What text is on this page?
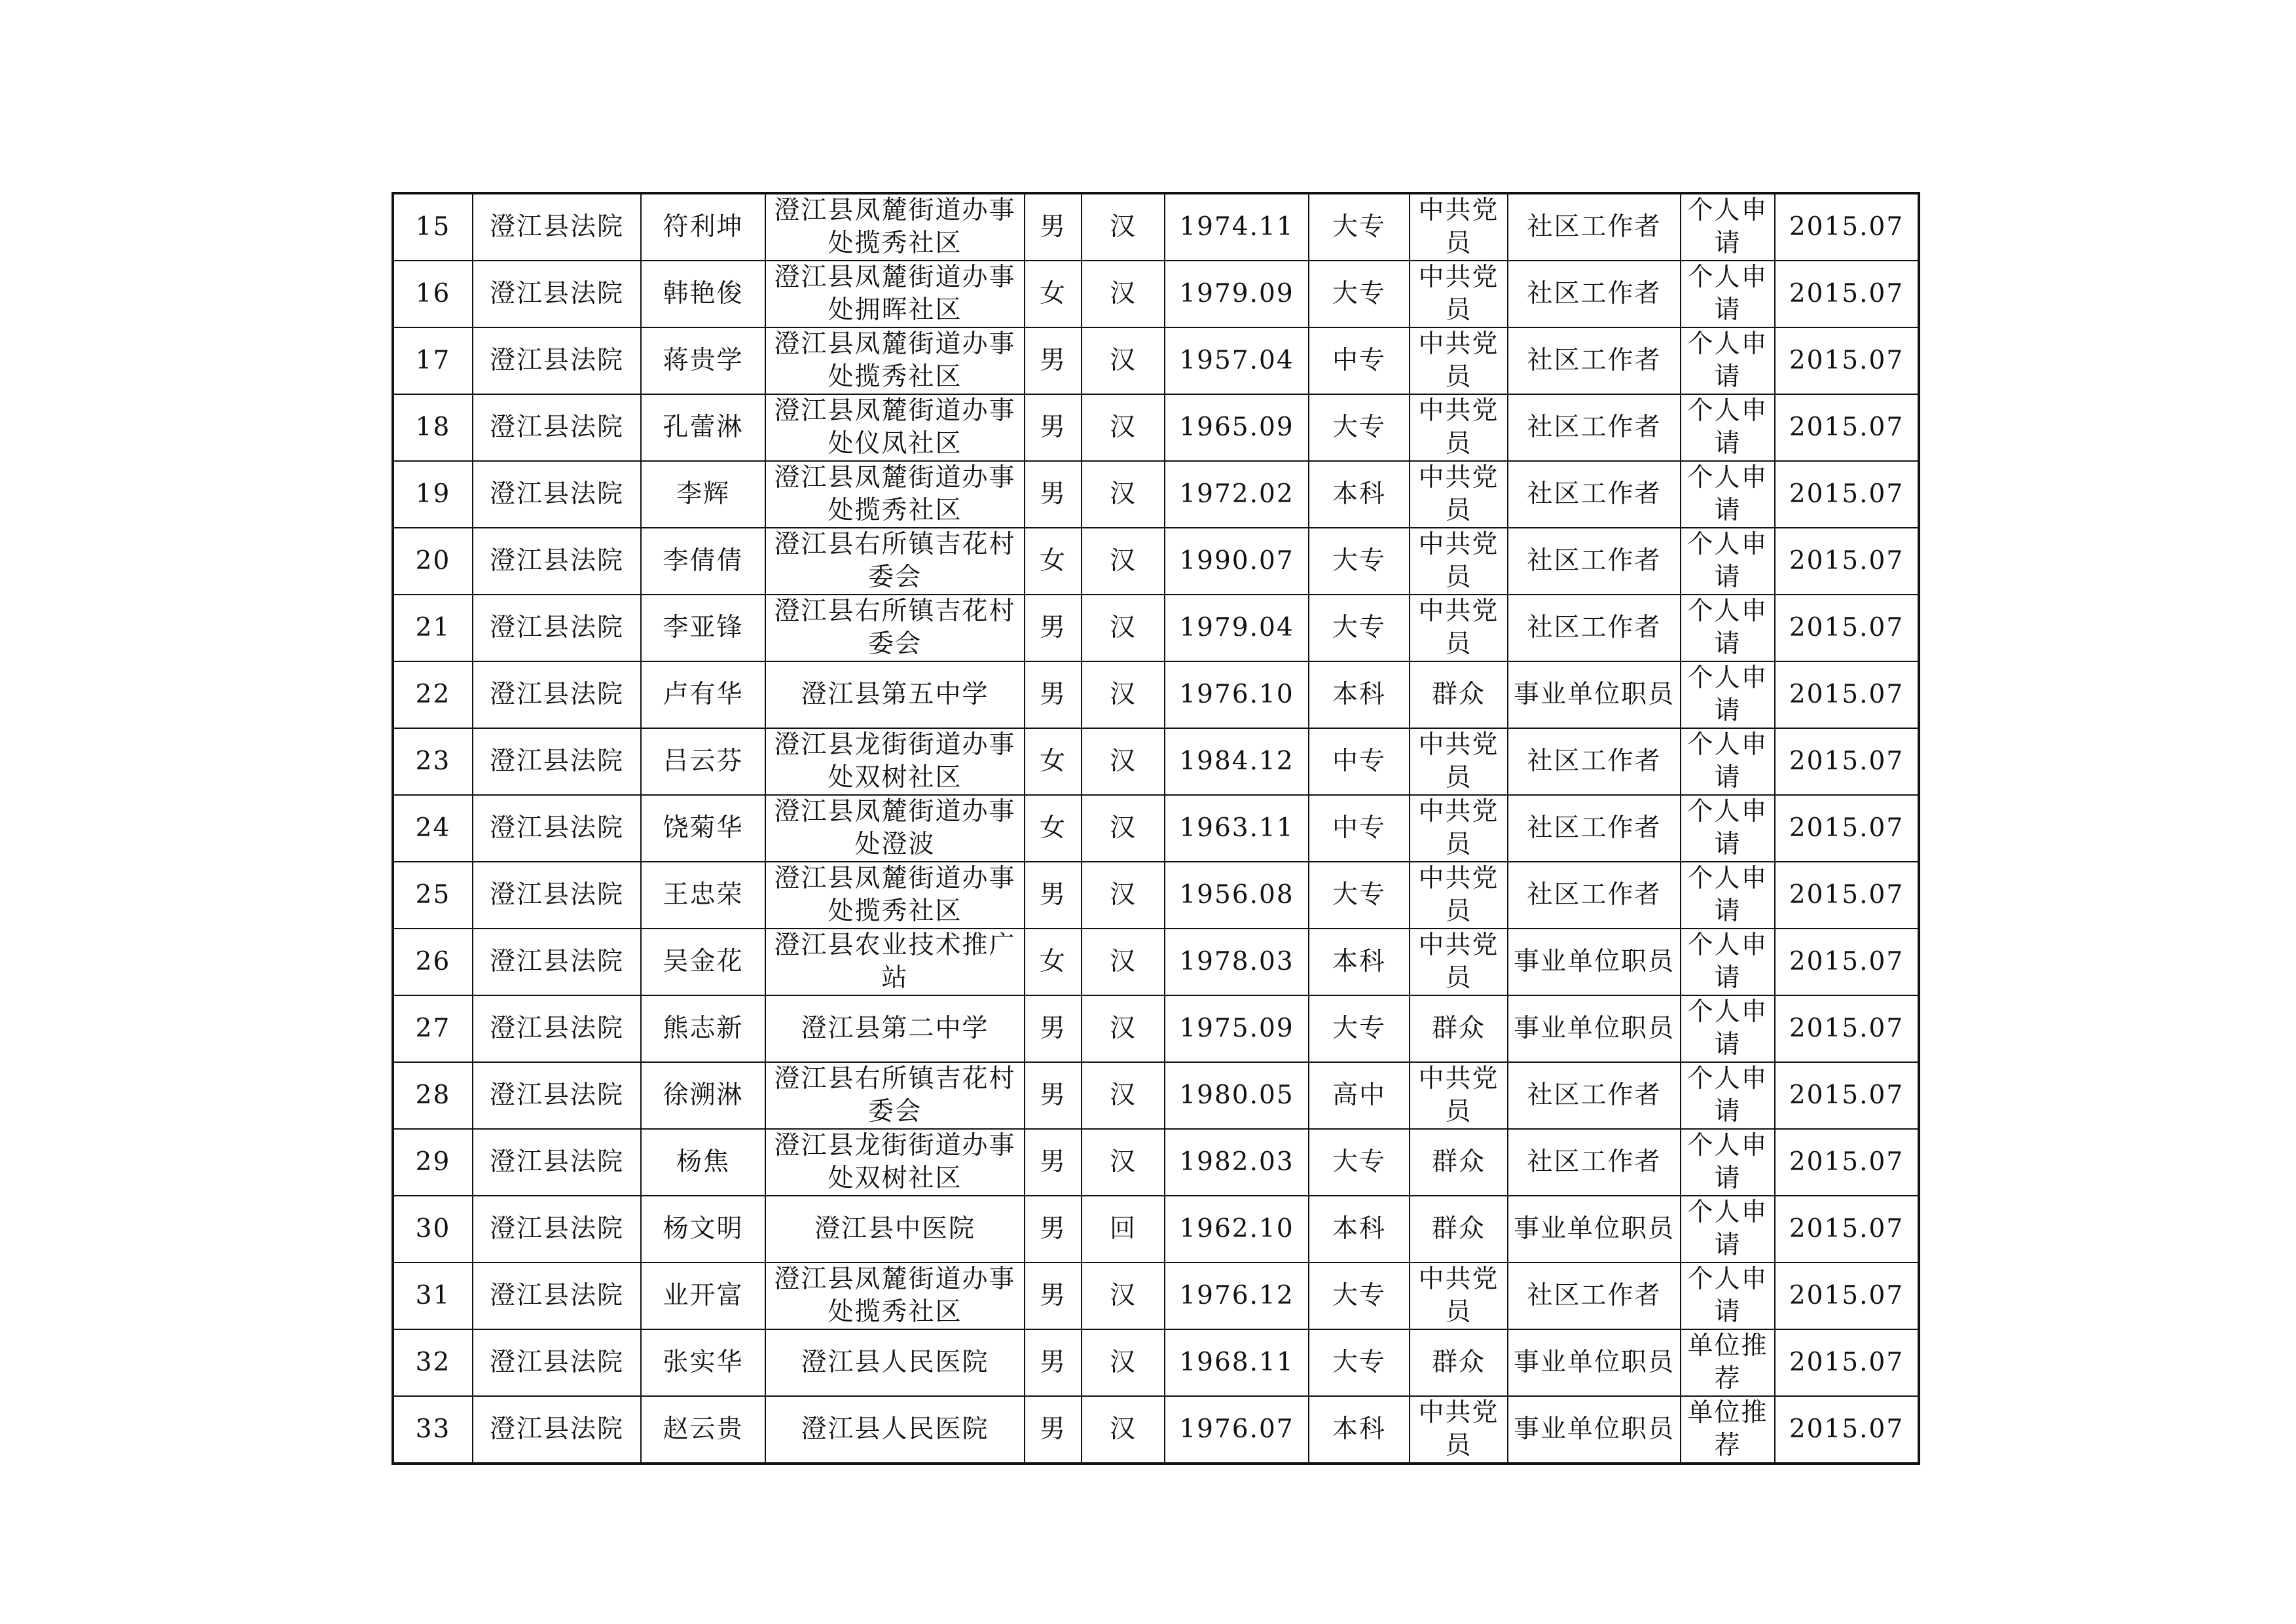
15	澄江县法院	符利坤	澄江县凤麓街道办事处揽秀社区	男	汉	1974.11	大专	中共党员	社区工作者	个人申请	2015.07

16	澄江县法院	韩艳俊	澄江县凤麓街道办事处拥晖社区	女	汉	1979.09	大专	中共党员	社区工作者	个人申请	2015.07

17	澄江县法院	蒋贵学	澄江县凤麓街道办事处揽秀社区	男	汉	1957.04	中专	中共党员	社区工作者	个人申请	2015.07

18	澄江县法院	孔蕾淋	澄江县凤麓街道办事处仪凤社区	男	汉	1965.09	大专	中共党员	社区工作者	个人申请	2015.07

19	澄江县法院	李辉	澄江县凤麓街道办事处揽秀社区	男	汉	1972.02	本科	中共党员	社区工作者	个人申请	2015.07

20	澄江县法院	李倩倩	澄江县右所镇吉花村委会	女	汉	1990.07	大专	中共党员	社区工作者	个人申请	2015.07

21	澄江县法院	李亚锋	澄江县右所镇吉花村委会	男	汉	1979.04	大专	中共党员	社区工作者	个人申请	2015.07

22	澄江县法院	卢有华	澄江县第五中学	男	汉	1976.10	本科	群众	事业单位职员	个人申请	2015.07

23	澄江县法院	吕云芬	澄江县龙街街道办事处双树社区	女	汉	1984.12	中专	中共党员	社区工作者	个人申请	2015.07

24	澄江县法院	饶菊华	澄江县凤麓街道办事处澄波	女	汉	1963.11	中专	中共党员	社区工作者	个人申请	2015.07

25	澄江县法院	王忠荣	澄江县凤麓街道办事处揽秀社区	男	汉	1956.08	大专	中共党员	社区工作者	个人申请	2015.07

26	澄江县法院	吴金花	澄江县农业技术推广站	女	汉	1978.03	本科	中共党员	事业单位职员	个人申请	2015.07

27	澄江县法院	熊志新	澄江县第二中学	男	汉	1975.09	大专	群众	事业单位职员	个人申请	2015.07

28	澄江县法院	徐溯淋	澄江县右所镇吉花村委会	男	汉	1980.05	高中	中共党员	社区工作者	个人申请	2015.07

29	澄江县法院	杨焦	澄江县龙街街道办事处双树社区	男	汉	1982.03	大专	群众	社区工作者	个人申请	2015.07

30	澄江县法院	杨文明	澄江县中医院	男	回	1962.10	本科	群众	事业单位职员	个人申请	2015.07

31	澄江县法院	业开富	澄江县凤麓街道办事处揽秀社区	男	汉	1976.12	大专	中共党员	社区工作者	个人申请	2015.07

32	澄江县法院	张实华	澄江县人民医院	男	汉	1968.11	大专	群众	事业单位职员	单位推荐	2015.07

33	澄江县法院	赵云贵	澄江县人民医院	男	汉	1976.07	本科	中共党员	事业单位职员	单位推荐	2015.07
